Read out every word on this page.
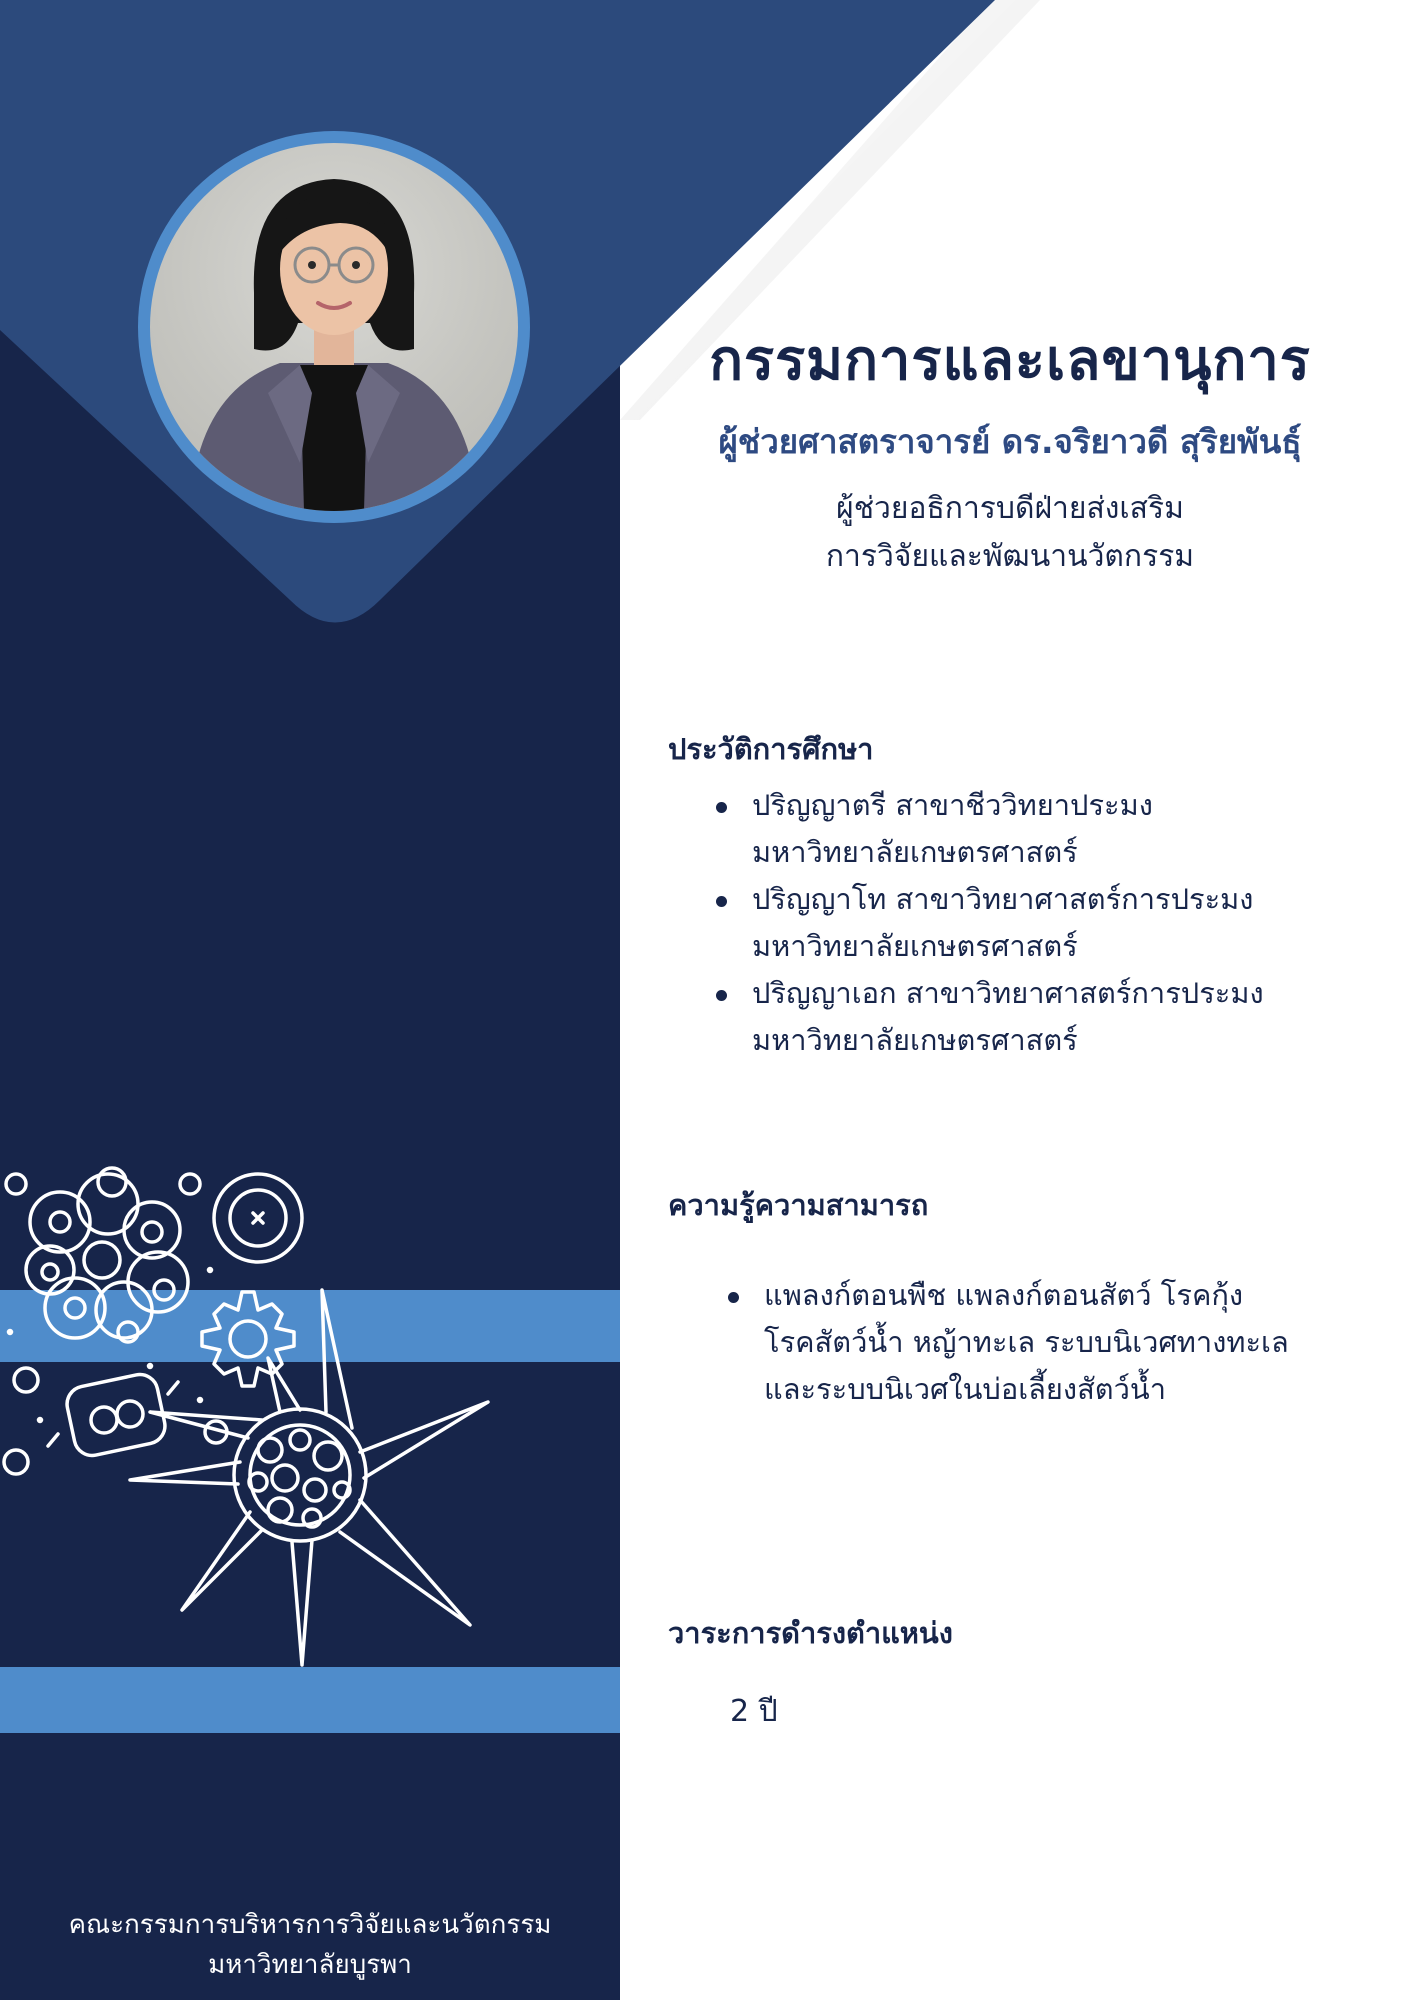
กรรมการและเลขานุการ
ผู้ช่วยศาสตราจารย์ ดร.จริยาวดี สุริยพันธุ์
ผู้ช่วยอธิการบดีฝ่ายส่งเสริม
การวิจัยและพัฒนานวัตกรรม
ประวัติการศึกษา
ปริญญาตรี สาขาชีววิทยาประมง
มหาวิทยาลัยเกษตรศาสตร์
ปริญญาโท สาขาวิทยาศาสตร์การประมง
มหาวิทยาลัยเกษตรศาสตร์
ปริญญาเอก สาขาวิทยาศาสตร์การประมง
มหาวิทยาลัยเกษตรศาสตร์
ความรู้ความสามารถ
แพลงก์ตอนพืช แพลงก์ตอนสัตว์ โรคกุ้ง
โรคสัตว์น้ำ หญ้าทะเล ระบบนิเวศทางทะเล
และระบบนิเวศในบ่อเลี้ยงสัตว์น้ำ
วาระการดำรงตำแหน่ง
2 ปี
คณะกรรมการบริหารการวิจัยและนวัตกรรม
มหาวิทยาลัยบูรพา
